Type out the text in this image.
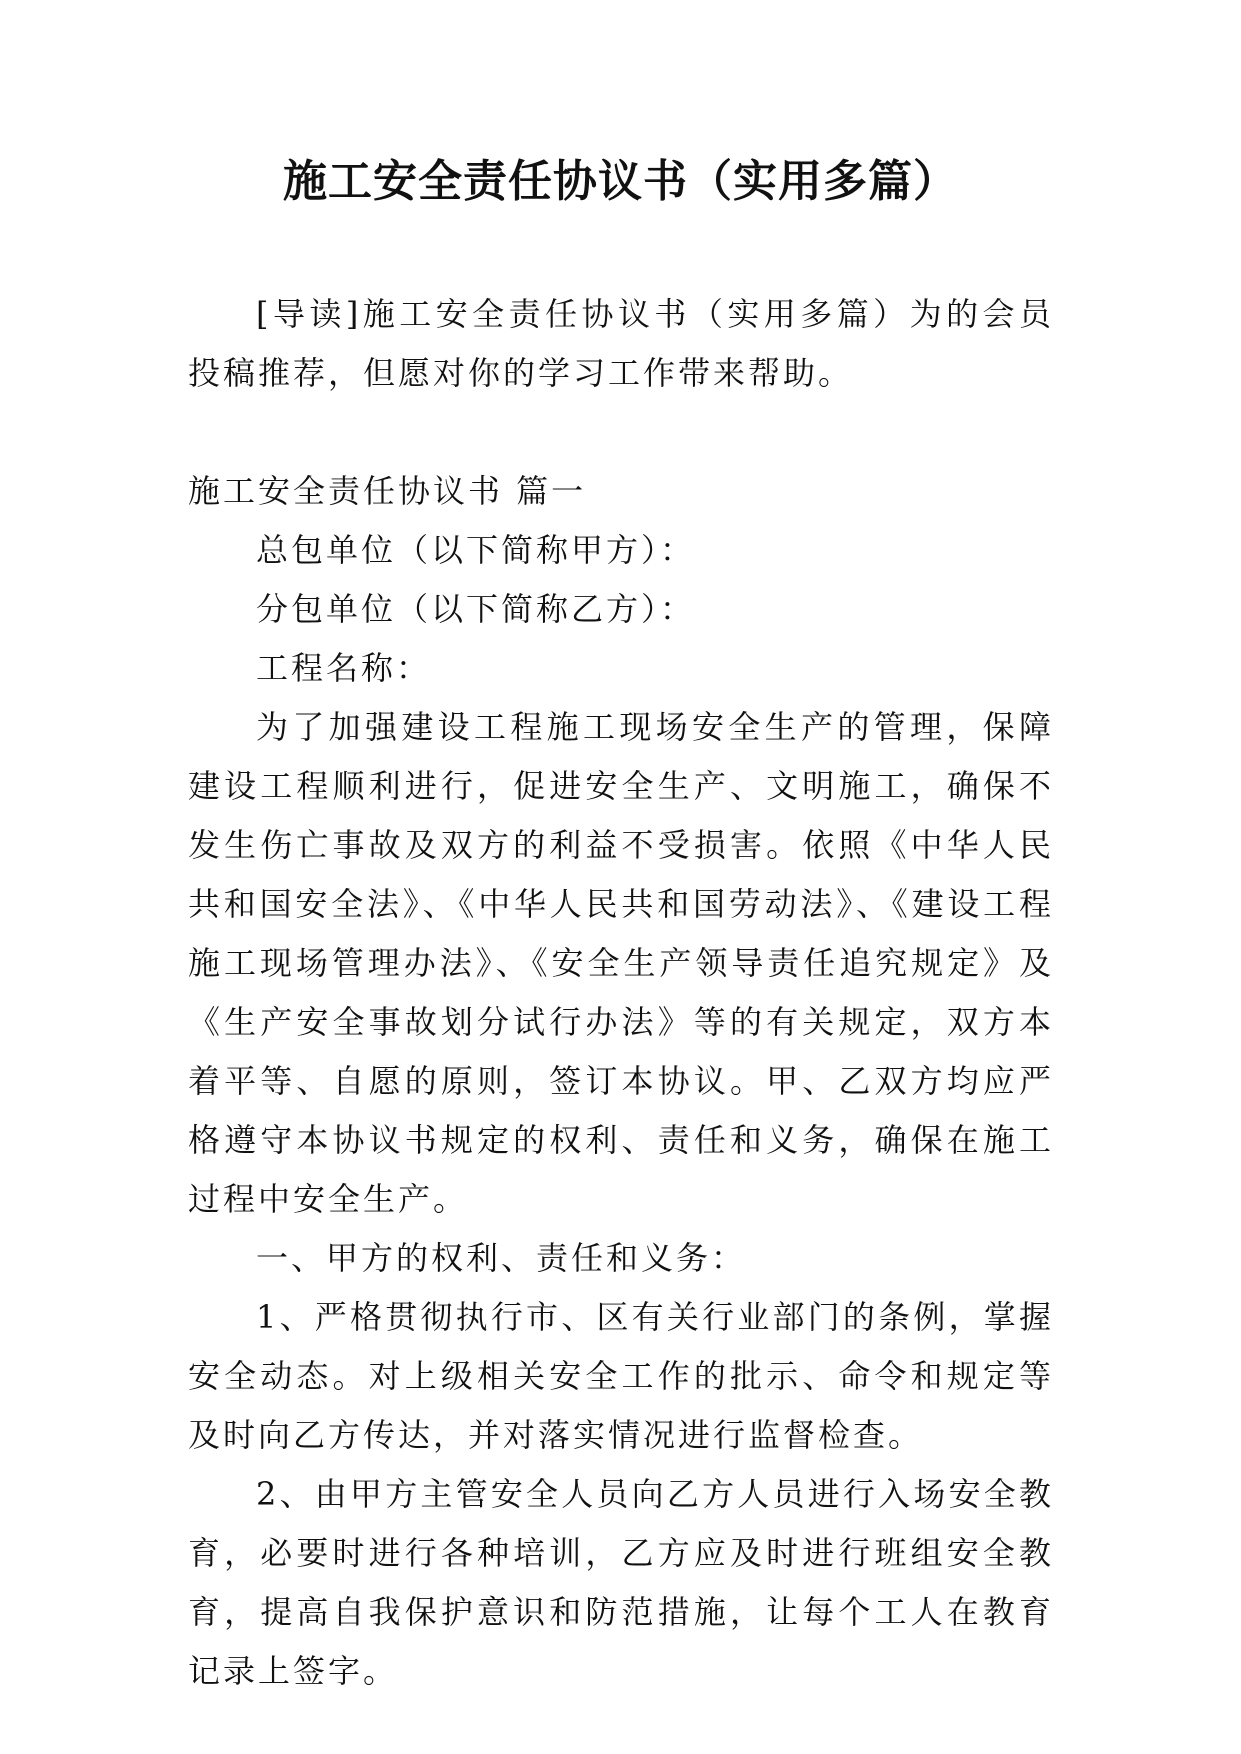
施工安全责任协议书（实用多篇）

[导读]施工安全责任协议书（实用多篇）为的会员投稿推荐，但愿对你的学习工作带来帮助。

施工安全责任协议书 篇一

总包单位（以下简称甲方）：

分包单位（以下简称乙方）：

工程名称：

为了加强建设工程施工现场安全生产的管理，保障建设工程顺利进行，促进安全生产、文明施工，确保不发生伤亡事故及双方的利益不受损害。依照《中华人民共和国安全法》、《中华人民共和国劳动法》、《建设工程施工现场管理办法》、《安全生产领导责任追究规定》及《生产安全事故划分试行办法》等的有关规定，双方本着平等、自愿的原则，签订本协议。甲、乙双方均应严格遵守本协议书规定的权利、责任和义务，确保在施工过程中安全生产。

一、甲方的权利、责任和义务：

1、严格贯彻执行市、区有关行业部门的条例，掌握安全动态。对上级相关安全工作的批示、命令和规定等及时向乙方传达，并对落实情况进行监督检查。

2、由甲方主管安全人员向乙方人员进行入场安全教育，必要时进行各种培训，乙方应及时进行班组安全教育，提高自我保护意识和防范措施，让每个工人在教育记录上签字。
